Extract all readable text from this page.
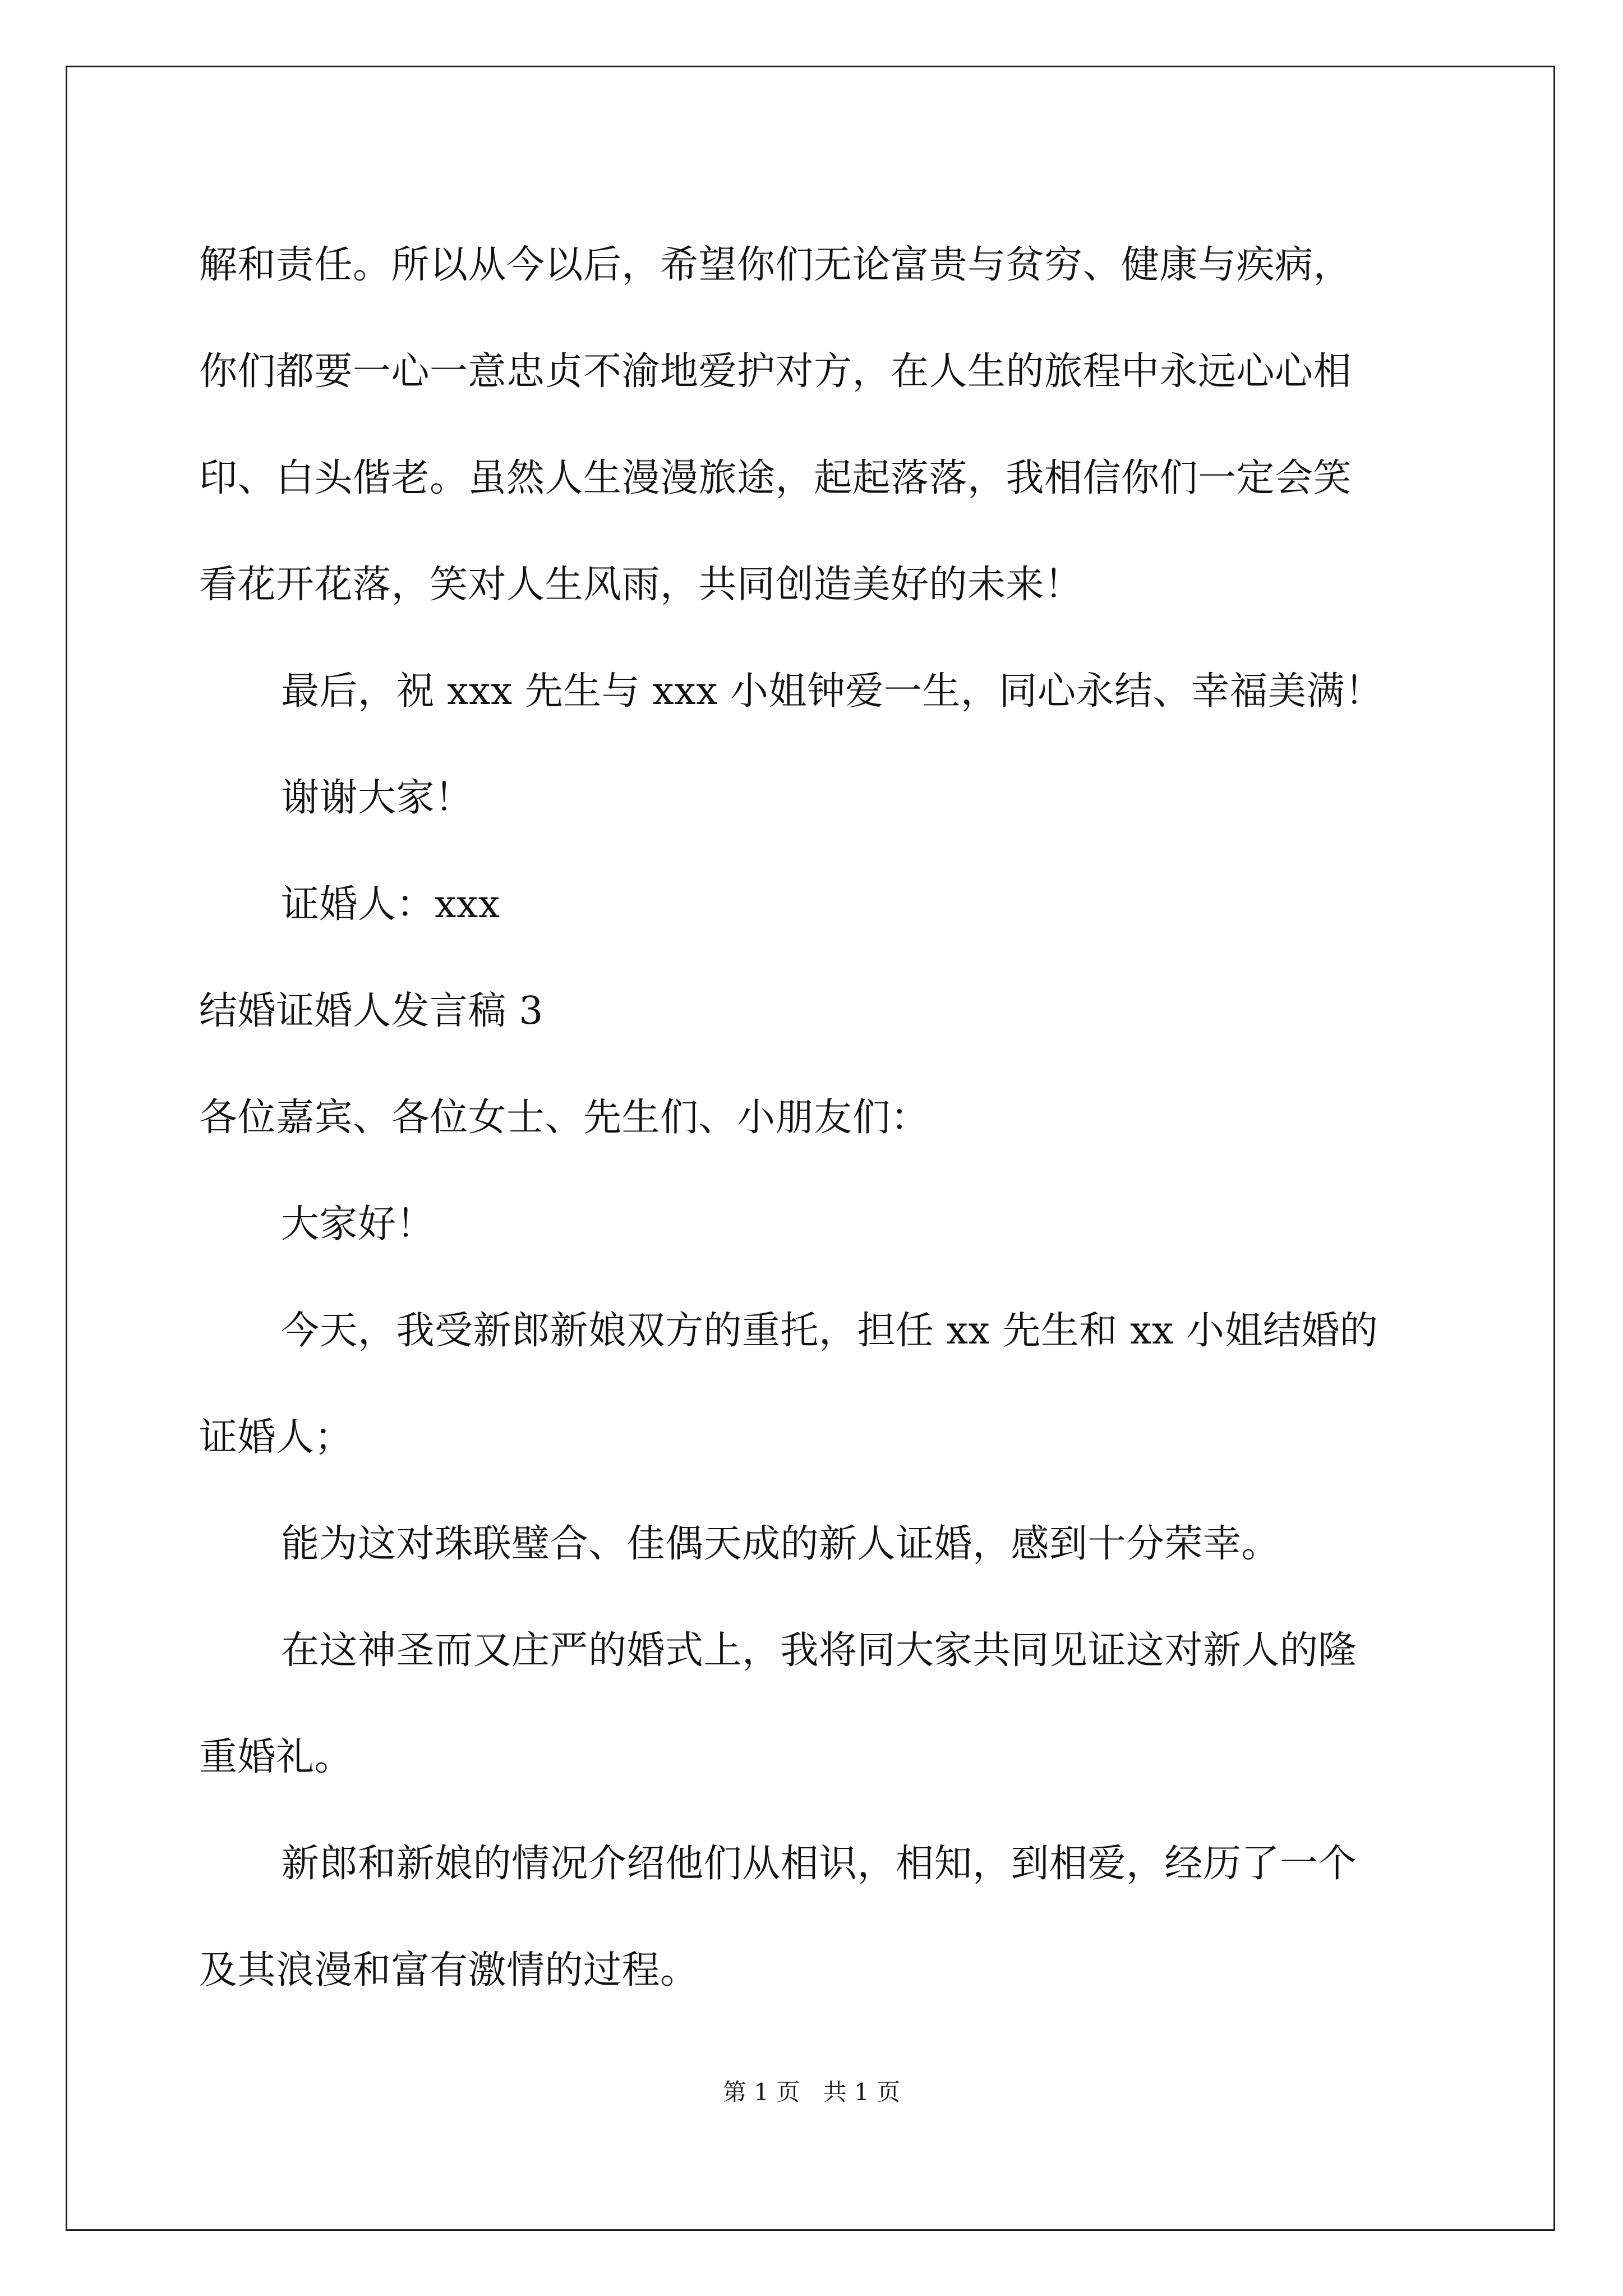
解和责任。所以从今以后，希望你们无论富贵与贫穷、健康与疾病，
你们都要一心一意忠贞不渝地爱护对方，在人生的旅程中永远心心相
印、白头偕老。虽然人生漫漫旅途，起起落落，我相信你们一定会笑
看花开花落，笑对人生风雨，共同创造美好的未来！
最后，祝 xxx 先生与 xxx 小姐钟爱一生，同心永结、幸福美满！
谢谢大家！
证婚人：xxx
结婚证婚人发言稿 3
各位嘉宾、各位女士、先生们、小朋友们：
大家好！
今天，我受新郎新娘双方的重托，担任 xx 先生和 xx 小姐结婚的
证婚人；
能为这对珠联璧合、佳偶天成的新人证婚，感到十分荣幸。
在这神圣而又庄严的婚式上，我将同大家共同见证这对新人的隆
重婚礼。
新郎和新娘的情况介绍他们从相识，相知，到相爱，经历了一个
及其浪漫和富有激情的过程。
第 1 页 共 1 页
